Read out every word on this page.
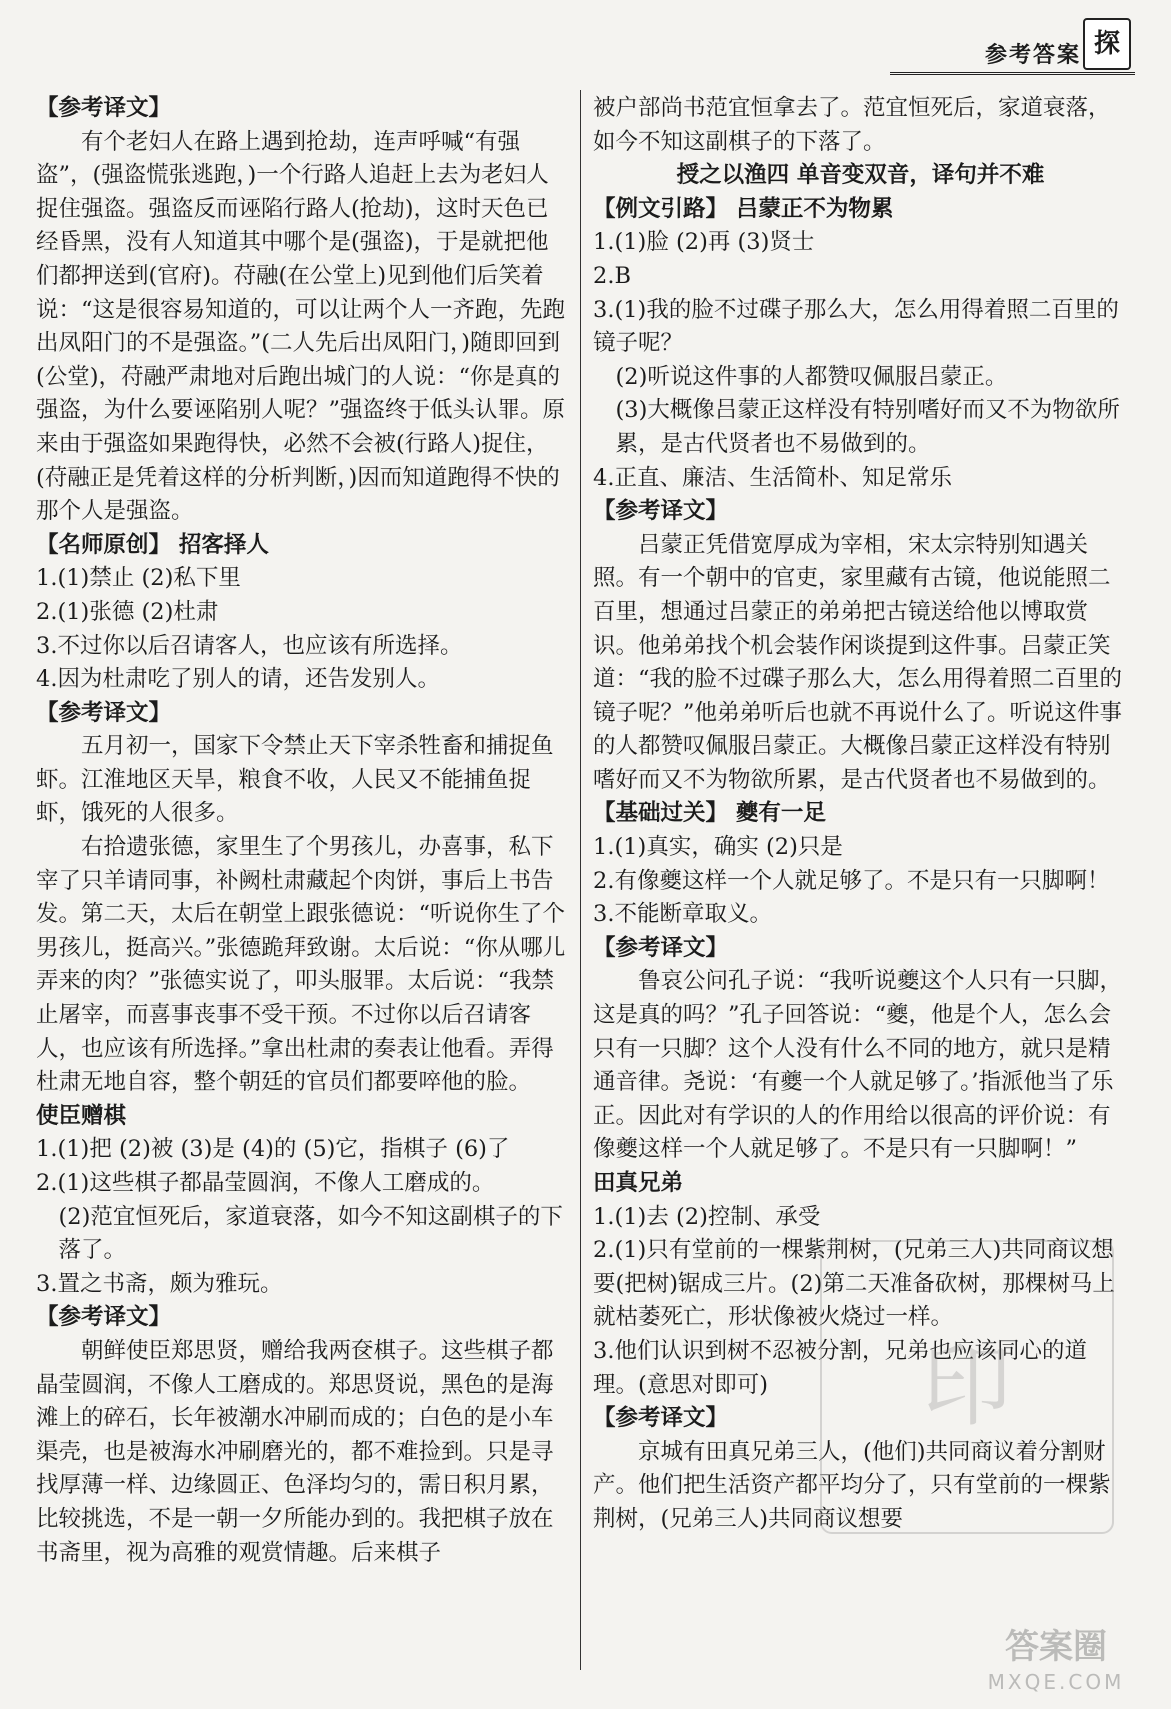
参考答案 探

【参考译文】

有个老妇人在路上遇到抢劫，连声呼喊“有强盗”，(强盗慌张逃跑，)一个行路人追赶上去为老妇人捉住强盗。强盗反而诬陷行路人(抢劫)，这时天色已经昏黑，没有人知道其中哪个是(强盗)，于是就把他们都押送到(官府)。苻融(在公堂上)见到他们后笑着说：“这是很容易知道的，可以让两个人一齐跑，先跑出凤阳门的不是强盗。”(二人先后出凤阳门，)随即回到(公堂)，苻融严肃地对后跑出城门的人说：“你是真的强盗，为什么要诬陷别人呢？”强盗终于低头认罪。原来由于强盗如果跑得快，必然不会被(行路人)捉住，(苻融正是凭着这样的分析判断，)因而知道跑得不快的那个人是强盗。

【名师原创】 招客择人

1.(1)禁止 (2)私下里

2.(1)张德 (2)杜肃

3.不过你以后召请客人，也应该有所选择。

4.因为杜肃吃了别人的请，还告发别人。

【参考译文】

五月初一，国家下令禁止天下宰杀牲畜和捕捉鱼虾。江淮地区天旱，粮食不收，人民又不能捕鱼捉虾，饿死的人很多。

右拾遗张德，家里生了个男孩儿，办喜事，私下宰了只羊请同事，补阙杜肃藏起个肉饼，事后上书告发。第二天，太后在朝堂上跟张德说：“听说你生了个男孩儿，挺高兴。”张德跪拜致谢。太后说：“你从哪儿弄来的肉？”张德实说了，叩头服罪。太后说：“我禁止屠宰，而喜事丧事不受干预。不过你以后召请客人，也应该有所选择。”拿出杜肃的奏表让他看。弄得杜肃无地自容，整个朝廷的官员们都要啐他的脸。

使臣赠棋

1.(1)把 (2)被 (3)是 (4)的 (5)它，指棋子 (6)了

2.(1)这些棋子都晶莹圆润，不像人工磨成的。

(2)范宜恒死后，家道衰落，如今不知这副棋子的下落了。

3.置之书斋，颇为雅玩。

【参考译文】

朝鲜使臣郑思贤，赠给我两奁棋子。这些棋子都晶莹圆润，不像人工磨成的。郑思贤说，黑色的是海滩上的碎石，长年被潮水冲刷而成的；白色的是小车渠壳，也是被海水冲刷磨光的，都不难捡到。只是寻找厚薄一样、边缘圆正、色泽均匀的，需日积月累，比较挑选，不是一朝一夕所能办到的。我把棋子放在书斋里，视为高雅的观赏情趣。后来棋子

被户部尚书范宜恒拿去了。范宜恒死后，家道衰落，如今不知这副棋子的下落了。

授之以渔四 单音变双音，译句并不难

【例文引路】 吕蒙正不为物累

1.(1)脸 (2)再 (3)贤士

2.B

3.(1)我的脸不过碟子那么大，怎么用得着照二百里的镜子呢？

(2)听说这件事的人都赞叹佩服吕蒙正。

(3)大概像吕蒙正这样没有特别嗜好而又不为物欲所累，是古代贤者也不易做到的。

4.正直、廉洁、生活简朴、知足常乐

【参考译文】

吕蒙正凭借宽厚成为宰相，宋太宗特别知遇关照。有一个朝中的官吏，家里藏有古镜，他说能照二百里，想通过吕蒙正的弟弟把古镜送给他以博取赏识。他弟弟找个机会装作闲谈提到这件事。吕蒙正笑道：“我的脸不过碟子那么大，怎么用得着照二百里的镜子呢？”他弟弟听后也就不再说什么了。听说这件事的人都赞叹佩服吕蒙正。大概像吕蒙正这样没有特别嗜好而又不为物欲所累，是古代贤者也不易做到的。

【基础过关】 夔有一足

1.(1)真实，确实 (2)只是

2.有像夔这样一个人就足够了。不是只有一只脚啊！

3.不能断章取义。

【参考译文】

鲁哀公问孔子说：“我听说夔这个人只有一只脚，这是真的吗？”孔子回答说：“夔，他是个人，怎么会只有一只脚？这个人没有什么不同的地方，就只是精通音律。尧说：‘有夔一个人就足够了。’指派他当了乐正。因此对有学识的人的作用给以很高的评价说：有像夔这样一个人就足够了。不是只有一只脚啊！”

田真兄弟

1.(1)去 (2)控制、承受

2.(1)只有堂前的一棵紫荆树，(兄弟三人)共同商议想要(把树)锯成三片。(2)第二天准备砍树，那棵树马上就枯萎死亡，形状像被火烧过一样。

3.他们认识到树不忍被分割，兄弟也应该同心的道理。(意思对即可)

【参考译文】

京城有田真兄弟三人，(他们)共同商议着分割财产。他们把生活资产都平均分了，只有堂前的一棵紫荆树，(兄弟三人)共同商议想要

印
答案圈
MXQE.COM
